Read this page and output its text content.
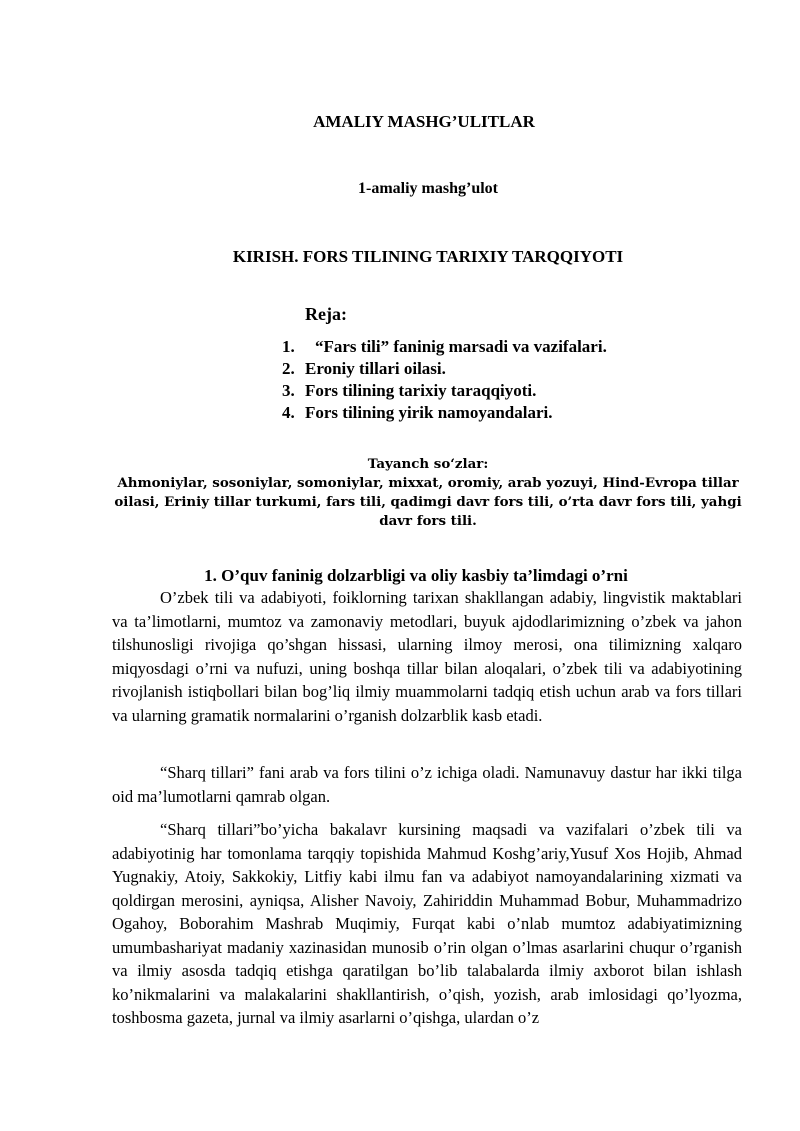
AMALIY MASHG’ULITLAR
1-amaliy mashg’ulot
KIRISH. FORS TILINING TARIXIY TARQQIYOTI
Reja:
1. “Fars tili” faninig marsadi va vazifalari.
2. Eroniy tillari oilasi.
3. Fors tilining tarixiy taraqqiyoti.
4. Fors tilining yirik namoyandalari.
Tayanch so‘zlar:
Ahmoniylar, sosoniylar, somoniylar, mixxat, oromiy, arab yozuyi, Hind-Evropa tillar oilasi, Eriniy tillar turkumi, fars tili, qadimgi davr fors tili, o’rta davr fors tili, yahgi davr fors tili.
1. O’quv faninig dolzarbligi va oliy kasbiy ta’limdagi o’rni

O’zbek tili va adabiyoti, foiklorning tarixan shakllangan adabiy, lingvistik maktablari va ta’limotlarni, mumtoz va zamonaviy metodlari, buyuk ajdodlarimizning o’zbek va jahon tilshunosligi rivojiga qo’shgan hissasi, ularning ilmoy merosi, ona tilimizning xalqaro miqyosdagi o’rni va nufuzi, uning boshqa tillar bilan aloqalari, o’zbek tili va adabiyotining rivojlanish istiqbollari bilan bog’liq ilmiy muammolarni tadqiq etish uchun arab va fors tillari va ularning gramatik normalarini o’rganish dolzarblik kasb etadi.

“Sharq tillari” fani arab va fors tilini o’z ichiga oladi. Namunavuy dastur har ikki tilga oid ma’lumotlarni qamrab olgan.

“Sharq tillari”bo’yicha bakalavr kursining maqsadi va vazifalari o’zbek tili va adabiyotinig har tomonlama tarqqiy topishida Mahmud Koshg’ariy,Yusuf Xos Hojib, Ahmad Yugnakiy, Atoiy, Sakkokiy, Litfiy kabi ilmu fan va adabiyot namoyandalarining xizmati va qoldirgan merosini, ayniqsa, Alisher Navoiy, Zahiriddin Muhammad Bobur, Muhammadrizo Ogahoy, Boborahim Mashrab Muqimiy, Furqat kabi o’nlab mumtoz adabiyatimizning umumbashariyat madaniy xazinasidan munosib o’rin olgan o’lmas asarlarini chuqur o’rganish va ilmiy asosda tadqiq etishga qaratilgan bo’lib talabalarda ilmiy axborot bilan ishlash ko’nikmalarini va malakalarini shakllantirish, o’qish, yozish, arab imlosidagi qo’lyozma, toshbosma gazeta, jurnal va ilmiy asarlarni o’qishga, ulardan o’z
